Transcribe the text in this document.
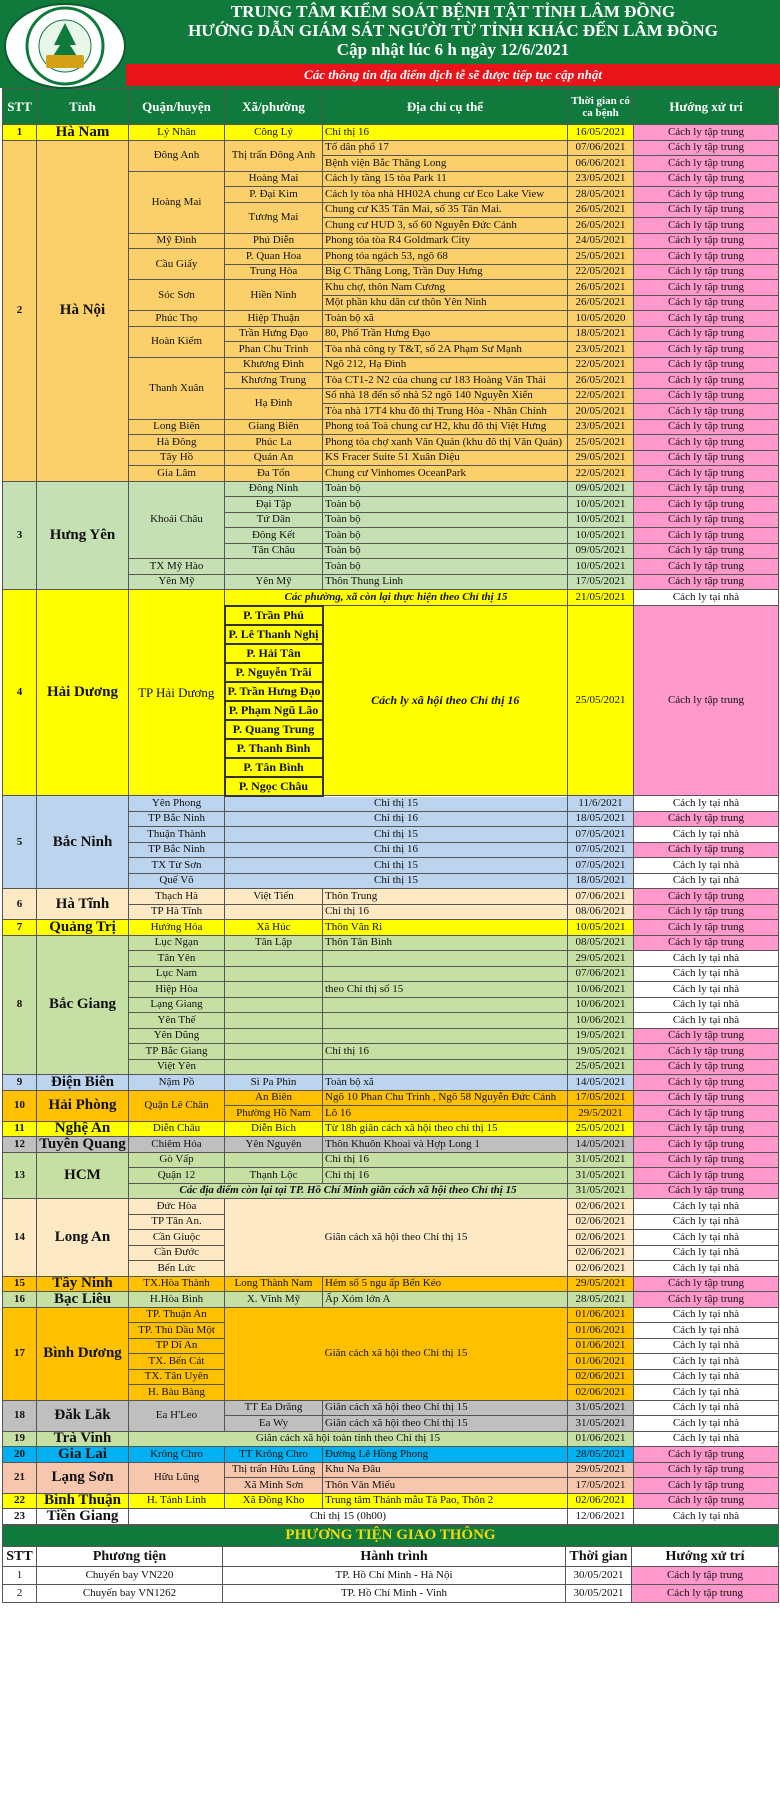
TRUNG TÂM KIỂM SOÁT BỆNH TẬT TỈNH LÂM ĐỒNG
HƯỚNG DẪN GIÁM SÁT NGƯỜI TỪ TỈNH KHÁC ĐẾN LÂM ĐỒNG
Cập nhật lúc 6 h ngày 12/6/2021
Các thông tin địa điểm dịch tễ sẽ được tiếp tục cập nhật
STT	Tỉnh	Quận/huyện	Xã/phường	Địa chỉ cụ thể	Thời gian có ca bệnh	Hướng xử trí
1	Hà Nam	Lý Nhân	Công Lý	Chỉ thị 16	16/05/2021	Cách ly tập trung
2	Hà Nội	Đông Anh	Thị trấn Đông Anh	Tổ dân phố 17	07/06/2021	Cách ly tập trung
				Bệnh viện Bắc Thăng Long	06/06/2021	Cách ly tập trung
		Hoàng Mai	Hoàng Mai	Cách ly tầng 15 tòa Park 11	23/05/2021	Cách ly tập trung
			P. Đại Kim	Cách ly tòa nhà HH02A chung cư Eco Lake View	28/05/2021	Cách ly tập trung
			Tương Mai	Chung cư K35 Tân Mai, số 35 Tân Mai.	26/05/2021	Cách ly tập trung
				Chung cư HUD 3, số 60 Nguyễn Đức Cảnh	26/05/2021	Cách ly tập trung
		Mỹ Đình	Phú Diễn	Phong tỏa tòa R4 Goldmark City	24/05/2021	Cách ly tập trung
		Cầu Giấy	P. Quan Hoa	Phong tỏa ngách 53, ngõ 68	25/05/2021	Cách ly tập trung
			Trung Hòa	Big C Thăng Long, Trần Duy Hưng	22/05/2021	Cách ly tập trung
		Sóc Sơn	Hiền Ninh	Khu chợ, thôn Nam Cương	26/05/2021	Cách ly tập trung
				Một phần khu dân cư thôn Yên Ninh	26/05/2021	Cách ly tập trung
		Phúc Thọ	Hiệp Thuận	Toàn bộ xã	10/05/2020	Cách ly tập trung
		Hoàn Kiếm	Trần Hưng Đạo	80, Phố Trần Hưng Đạo	18/05/2021	Cách ly tập trung
			Phan Chu Trinh	Tòa nhà công ty T&T, số 2A Phạm Sư Mạnh	23/05/2021	Cách ly tập trung
		Thanh Xuân	Khương Đình	Ngõ 212, Hạ Đình	22/05/2021	Cách ly tập trung
			Khương Trung	Tòa CT1-2 N2 của chung cư 183 Hoàng Văn Thái	26/05/2021	Cách ly tập trung
			Hạ Đình	Số nhà 18 đến số nhà 52 ngõ 140 Nguyễn Xiển	22/05/2021	Cách ly tập trung
				Tòa nhà 17T4 khu đô thị Trung Hòa - Nhân Chính	20/05/2021	Cách ly tập trung
		Long Biên	Giang Biên	Phong toả Toà chung cư H2, khu đô thị Việt Hưng	23/05/2021	Cách ly tập trung
		Hà Đông	Phúc La	Phong tỏa chợ xanh Văn Quán (khu đô thị Văn Quán)	25/05/2021	Cách ly tập trung
		Tây Hồ	Quán An	KS Fracer Suite 51 Xuân Diệu	29/05/2021	Cách ly tập trung
		Gia Lâm	Đa Tốn	Chung cư Vinhomes OceanPark	22/05/2021	Cách ly tập trung
3	Hưng Yên	Khoái Châu	Đông Ninh	Toàn bộ	09/05/2021	Cách ly tập trung
			Đại Tập	Toàn bộ	10/05/2021	Cách ly tập trung
			Tứ Dân	Toàn bộ	10/05/2021	Cách ly tập trung
			Đông Kết	Toàn bộ	10/05/2021	Cách ly tập trung
			Tân Châu	Toàn bộ	09/05/2021	Cách ly tập trung
		TX Mỹ Hào		Toàn bộ	10/05/2021	Cách ly tập trung
		Yên Mỹ	Yên Mỹ	Thôn Thung Linh	17/05/2021	Cách ly tập trung
4	Hải Dương	TP Hải Dương	Các phường, xã còn lại thực hiện theo Chỉ thị 15		21/05/2021	Cách ly tại nhà
			P. Trần Phú	Cách ly xã hội theo Chỉ thị 16	25/05/2021	Cách ly tập trung
			P. Lê Thanh Nghị			
			P. Hải Tân			
			P. Nguyễn Trãi			
			P. Trần Hưng Đạo			
			P. Phạm Ngũ Lão			
			P. Quang Trung			
			P. Thanh Bình			
			P. Tân Bình			
			P. Ngọc Châu			
5	Bắc Ninh	Yên Phong	Chỉ thị 15		11/6/2021	Cách ly tại nhà
		TP Bắc Ninh	Chỉ thị 16		18/05/2021	Cách ly tập trung
		Thuận Thành	Chỉ thị 15		07/05/2021	Cách ly tại nhà
		TP Bắc Ninh	Chỉ thị 16		07/05/2021	Cách ly tập trung
		TX Từ Sơn	Chỉ thị 15		07/05/2021	Cách ly tại nhà
		Quế Võ	Chỉ thị 15		18/05/2021	Cách ly tại nhà
6	Hà Tĩnh	Thạch Hà	Việt Tiến	Thôn Trung	07/06/2021	Cách ly tập trung
		TP Hà Tĩnh		Chỉ thị 16	08/06/2021	Cách ly tập trung
7	Quảng Trị	Hướng Hóa	Xã Húc	Thôn Vân Ri	10/05/2021	Cách ly tập trung
8	Bắc Giang	Lục Ngạn	Tân Lập	Thôn Tân Bình	08/05/2021	Cách ly tập trung
		Tân Yên			29/05/2021	Cách ly tại nhà
		Lục Nam			07/06/2021	Cách ly tại nhà
		Hiệp Hòa		theo Chỉ thị số 15	10/06/2021	Cách ly tại nhà
		Lạng Giang			10/06/2021	Cách ly tại nhà
		Yên Thế			10/06/2021	Cách ly tại nhà
		Yên Dũng			19/05/2021	Cách ly tập trung
		TP Bắc Giang		Chỉ thị 16	19/05/2021	Cách ly tập trung
		Việt Yên			25/05/2021	Cách ly tập trung
9	Điện Biên	Nậm Pồ	Si Pa Phìn	Toàn bộ xã	14/05/2021	Cách ly tập trung
10	Hải Phòng	Quận Lê Chân	An Biên	Ngõ 10 Phan Chu Trinh , Ngõ 58 Nguyễn Đức Cảnh	17/05/2021	Cách ly tập trung
			Phường Hồ Nam	Lô 16	29/5/2021	Cách ly tập trung
11	Nghệ An	Diễn Châu	Diễn Bích	Từ 18h giãn cách xã hội theo chỉ thị 15	25/05/2021	Cách ly tập trung
12	Tuyên Quang	Chiêm Hóa	Yên Nguyên	Thôn Khuôn Khoai và Hợp Long 1	14/05/2021	Cách ly tập trung
13	HCM	Gò Vấp		Chỉ thị 16	31/05/2021	Cách ly tập trung
		Quận 12	Thạnh Lộc	Chỉ thị 16	31/05/2021	Cách ly tập trung
		Các địa điểm còn lại tại TP. Hồ Chí Minh giãn cách xã hội theo Chỉ thị 15			31/05/2021	Cách ly tập trung
14	Long An	Đức Hòa	Giãn cách xã hội theo Chỉ thị 15		02/06/2021	Cách ly tại nhà
		TP Tân An.			02/06/2021	Cách ly tại nhà
		Cần Giuộc			02/06/2021	Cách ly tại nhà
		Cần Đước			02/06/2021	Cách ly tại nhà
		Bến Lức			02/06/2021	Cách ly tại nhà
15	Tây Ninh	TX.Hòa Thành	Long Thành Nam	Hẻm số 5 ngu ấp Bến Kéo	29/05/2021	Cách ly tập trung
16	Bạc Liêu	H.Hòa Bình	X. Vĩnh Mỹ	Ấp Xóm lớn A	28/05/2021	Cách ly tập trung
17	Bình Dương	TP. Thuận An	Giãn cách xã hội theo Chỉ thị 15		01/06/2021	Cách ly tại nhà
		TP. Thủ Dầu Một			01/06/2021	Cách ly tại nhà
		TP Dĩ An			01/06/2021	Cách ly tại nhà
		TX. Bến Cát			01/06/2021	Cách ly tại nhà
		TX. Tân Uyên			02/06/2021	Cách ly tại nhà
		H. Bàu Bàng			02/06/2021	Cách ly tại nhà
18	Đăk Lăk	Ea H'Leo	TT Ea Drăng	Giãn cách xã hội theo Chỉ thị 15	31/05/2021	Cách ly tại nhà
			Ea Wy	Giãn cách xã hội theo Chỉ thị 15	31/05/2021	Cách ly tại nhà
19	Trà Vinh	Giãn cách xã hội toàn tỉnh theo Chỉ thị 15			01/06/2021	Cách ly tại nhà
20	Gia Lai	Krông Chro	TT Krông Chro	Đường Lê Hồng Phong	28/05/2021	Cách ly tập trung
21	Lạng Sơn	Hữu Lũng	Thị trấn Hữu Lũng	Khu Na Đâu	29/05/2021	Cách ly tập trung
			Xã Minh Sơn	Thôn Văn Miếu	17/05/2021	Cách ly tập trung
22	Bình Thuận	H. Tánh Linh	Xã Đồng Kho	Trung tâm Thánh mẫu Tà Pao, Thôn 2	02/06/2021	Cách ly tập trung
23	Tiền Giang	Chỉ thị 15 (0h00)			12/06/2021	Cách ly tại nhà
PHƯƠNG TIỆN GIAO THÔNG				
STT	Phương tiện	Hành trình	Thời gian	Hướng xử trí
1	Chuyến bay VN220	TP. Hồ Chí Minh - Hà Nội	30/05/2021	Cách ly tập trung
2	Chuyến bay VN1262	TP. Hồ Chí Minh - Vinh	30/05/2021	Cách ly tập trung
